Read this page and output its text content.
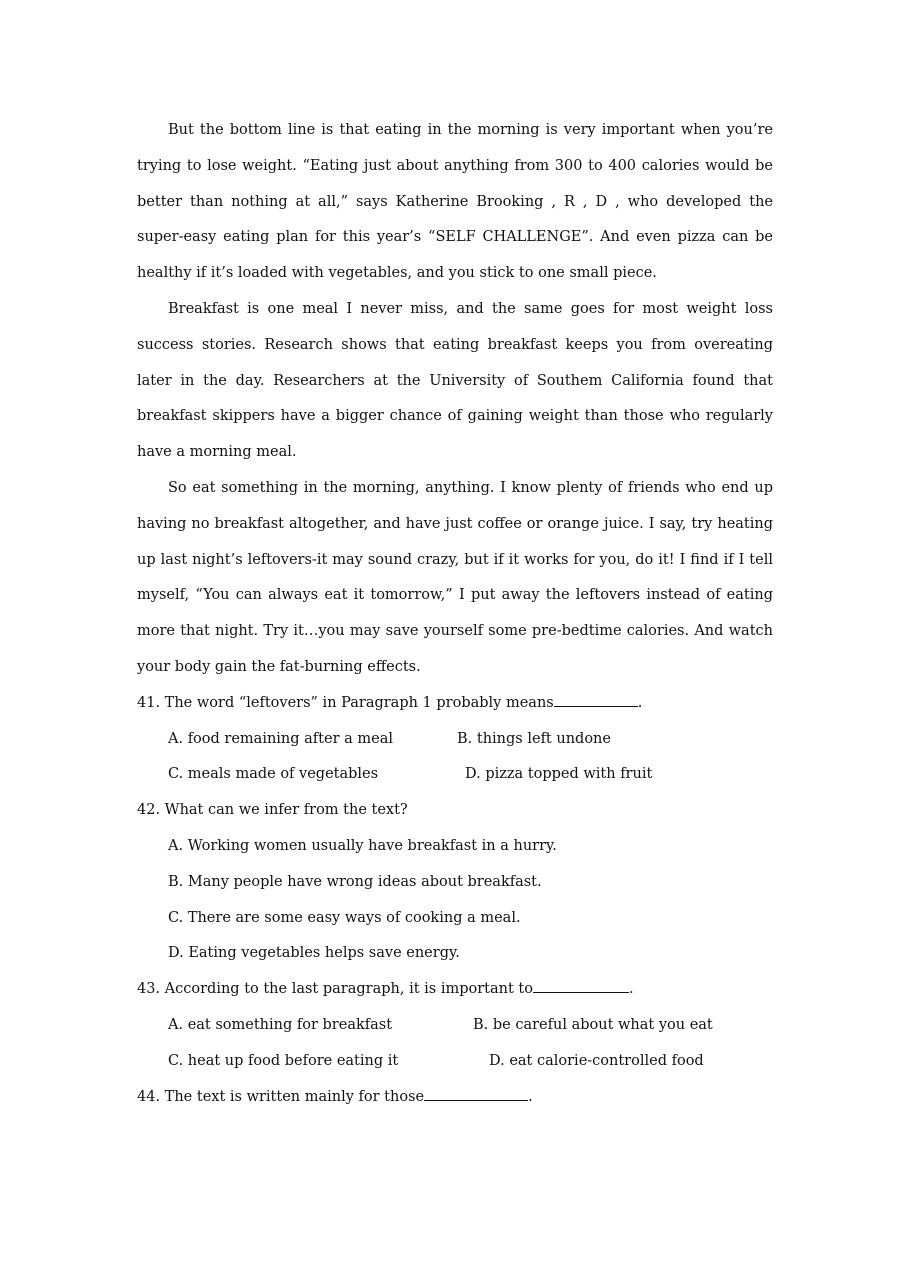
But the bottom line is that eating in the morning is very important when you’re trying to lose weight. “Eating just about anything from 300 to 400 calories would be better than nothing at all,” says Katherine Brooking , R , D , who developed the super-easy eating plan for this year’s “SELF CHALLENGE”. And even pizza can be healthy if it’s loaded with vegetables, and you stick to one small piece.

Breakfast is one meal I never miss, and the same goes for most weight loss success stories. Research shows that eating breakfast keeps you from overeating later in the day. Researchers at the University of Southem California found that breakfast skippers have a bigger chance of gaining weight than those who regularly have a morning meal.

So eat something in the morning, anything. I know plenty of friends who end up having no breakfast altogether, and have just coffee or orange juice. I say, try heating up last night’s leftovers-it may sound crazy, but if it works for you, do it! I find if I tell myself, “You can always eat it tomorrow,” I put away the leftovers instead of eating more that night. Try it…you may save yourself some pre-bedtime calories. And watch your body gain the fat-burning effects.

41. The word “leftovers” in Paragraph 1 probably means	.
A. food remaining after a meal	B. things left undone
C. meals made of vegetables	D. pizza topped with fruit
42. What can we infer from the text?
A. Working women usually have breakfast in a hurry.
B. Many people have wrong ideas about breakfast.
C. There are some easy ways of cooking a meal.
D. Eating vegetables helps save energy.
43. According to the last paragraph, it is important to	.
A. eat something for breakfast	B. be careful about what you eat
C. heat up food before eating it	D. eat calorie-controlled food
44. The text is written mainly for those	.
